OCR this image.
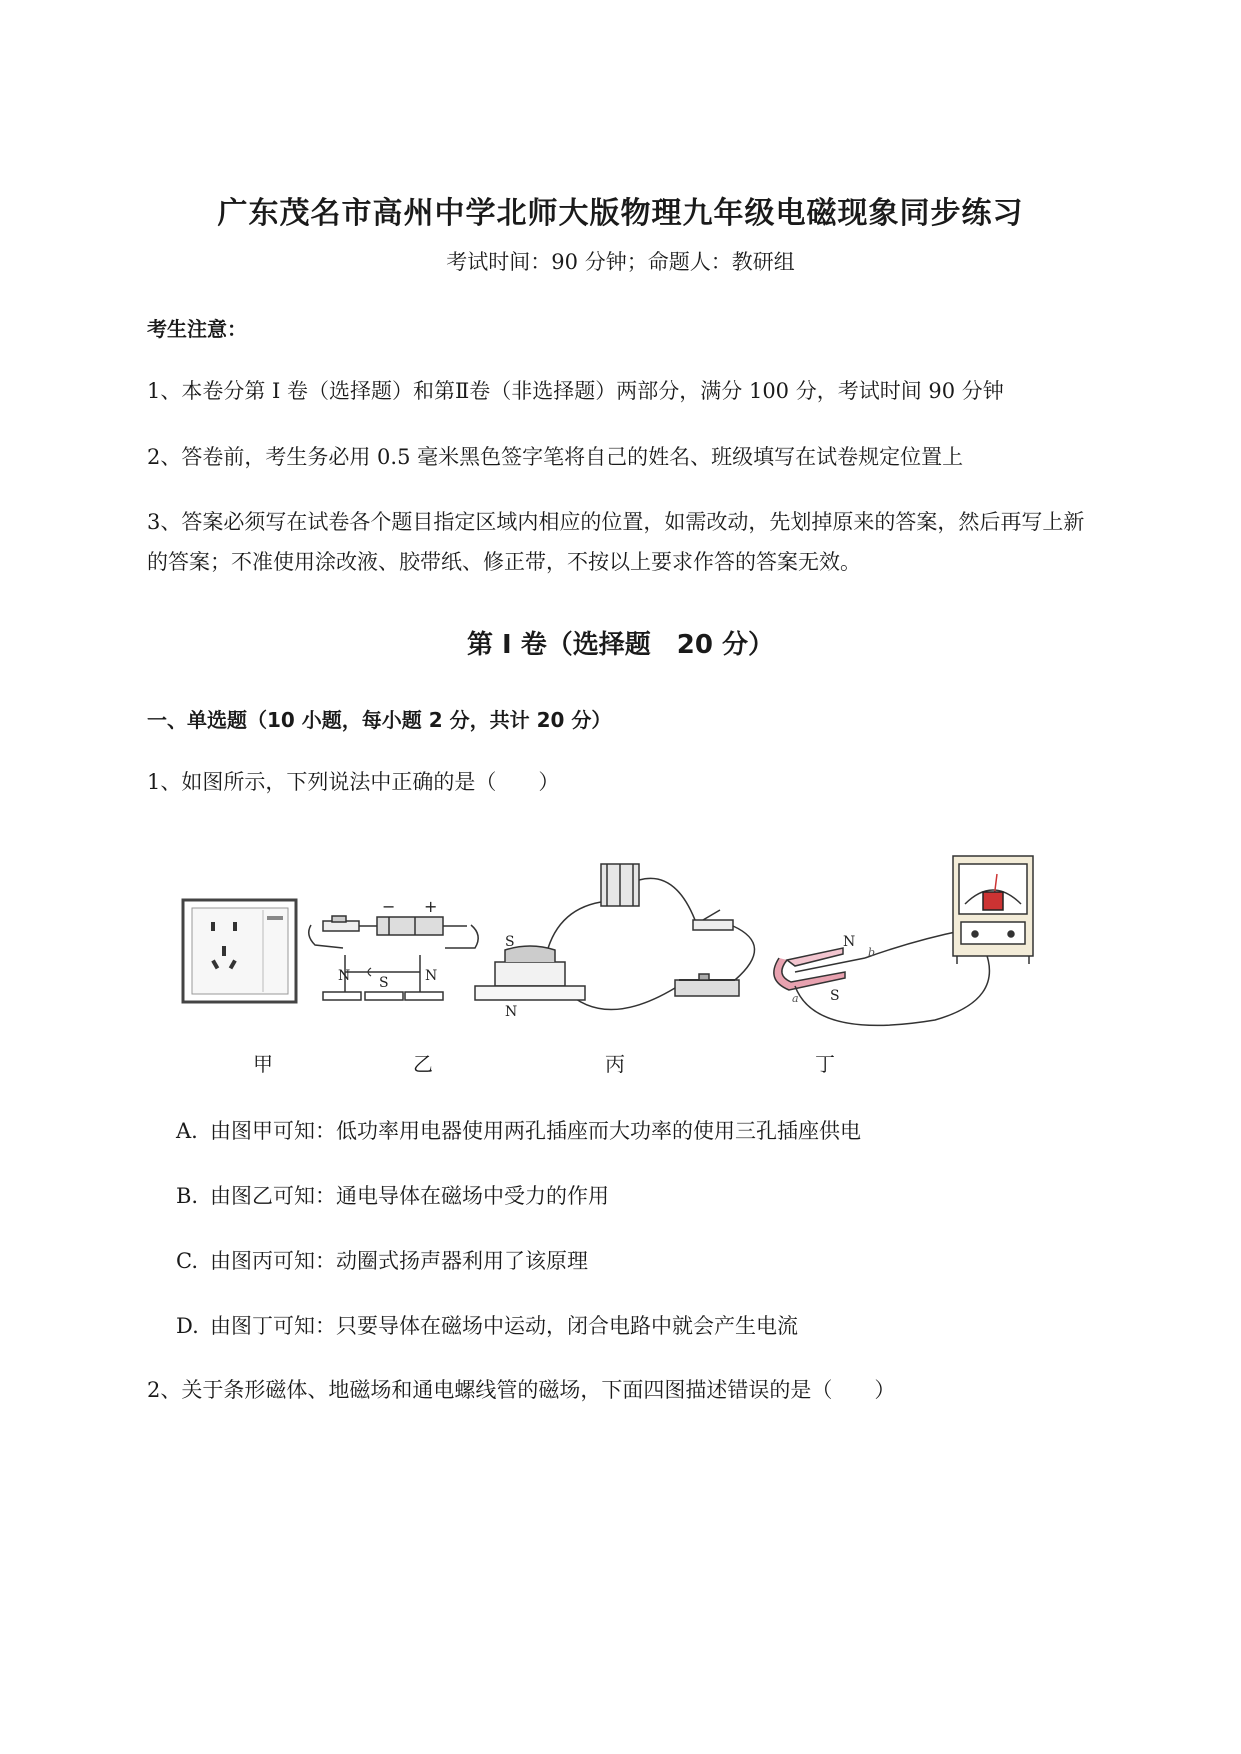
广东茂名市高州中学北师大版物理九年级电磁现象同步练习
考试时间：90 分钟；命题人：教研组
考生注意：
1、本卷分第 I 卷（选择题）和第Ⅱ卷（非选择题）两部分，满分 100 分，考试时间 90 分钟
2、答卷前，考生务必用 0.5 毫米黑色签字笔将自己的姓名、班级填写在试卷规定位置上
3、答案必须写在试卷各个题目指定区域内相应的位置，如需改动，先划掉原来的答案，然后再写上新
的答案；不准使用涂改液、胶带纸、修正带，不按以上要求作答的答案无效。
第 I 卷（选择题　20 分）
一、单选题（10 小题，每小题 2 分，共计 20 分）
1、如图所示，下列说法中正确的是（　　）
− +
N S	N
S
N
N
S
a
b
甲	乙	丙	丁
A. 由图甲可知：低功率用电器使用两孔插座而大功率的使用三孔插座供电
B. 由图乙可知：通电导体在磁场中受力的作用
C. 由图丙可知：动圈式扬声器利用了该原理
D. 由图丁可知：只要导体在磁场中运动，闭合电路中就会产生电流
2、关于条形磁体、地磁场和通电螺线管的磁场，下面四图描述错误的是（　　）
